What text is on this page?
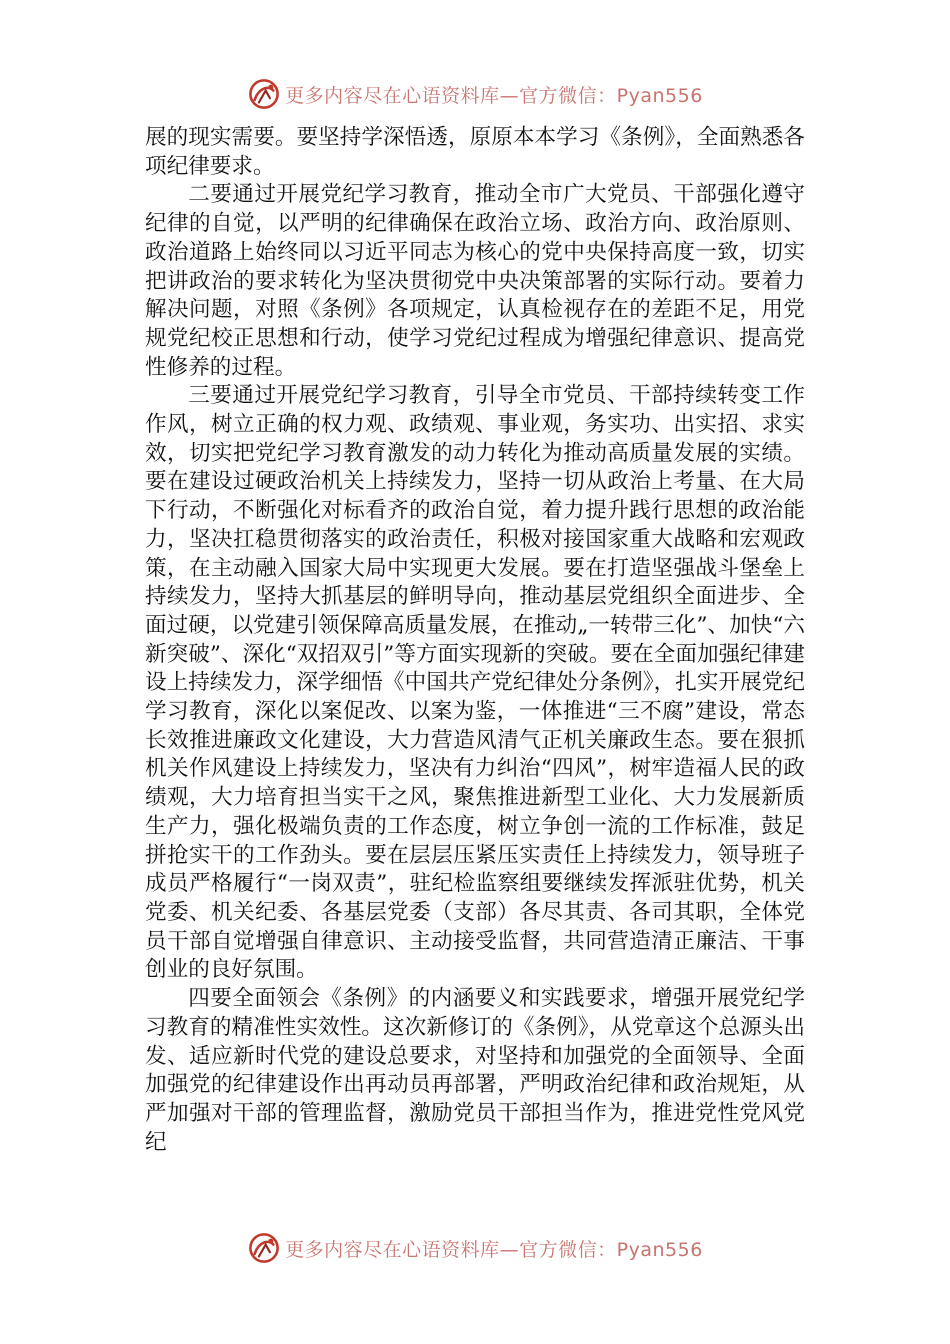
更多内容尽在心语资料库—官方微信：Pyan556

展的现实需要。要坚持学深悟透，原原本本学习《条例》，全面熟悉各项纪律要求。

二要通过开展党纪学习教育，推动全市广大党员、干部强化遵守纪律的自觉，以严明的纪律确保在政治立场、政治方向、政治原则、政治道路上始终同以习近平同志为核心的党中央保持高度一致，切实把讲政治的要求转化为坚决贯彻党中央决策部署的实际行动。要着力解决问题，对照《条例》各项规定，认真检视存在的差距不足，用党规党纪校正思想和行动，使学习党纪过程成为增强纪律意识、提高党性修养的过程。

三要通过开展党纪学习教育，引导全市党员、干部持续转变工作作风，树立正确的权力观、政绩观、事业观，务实功、出实招、求实效，切实把党纪学习教育激发的动力转化为推动高质量发展的实绩。要在建设过硬政治机关上持续发力，坚持一切从政治上考量、在大局下行动，不断强化对标看齐的政治自觉，着力提升践行思想的政治能力，坚决扛稳贯彻落实的政治责任，积极对接国家重大战略和宏观政策，在主动融入国家大局中实现更大发展。要在打造坚强战斗堡垒上持续发力，坚持大抓基层的鲜明导向，推动基层党组织全面进步、全面过硬，以党建引领保障高质量发展，在推动„一转带三化”、加快“六新突破”、深化“双招双引”等方面实现新的突破。要在全面加强纪律建设上持续发力，深学细悟《中国共产党纪律处分条例》，扎实开展党纪学习教育，深化以案促改、以案为鉴，一体推进“三不腐”建设，常态长效推进廉政文化建设，大力营造风清气正机关廉政生态。要在狠抓机关作风建设上持续发力，坚决有力纠治“四风”，树牢造福人民的政绩观，大力培育担当实干之风，聚焦推进新型工业化、大力发展新质生产力，强化极端负责的工作态度，树立争创一流的工作标准，鼓足拼抢实干的工作劲头。要在层层压紧压实责任上持续发力，领导班子成员严格履行“一岗双责”，驻纪检监察组要继续发挥派驻优势，机关党委、机关纪委、各基层党委（支部）各尽其责、各司其职，全体党员干部自觉增强自律意识、主动接受监督，共同营造清正廉洁、干事创业的良好氛围。

四要全面领会《条例》的内涵要义和实践要求，增强开展党纪学习教育的精准性实效性。这次新修订的《条例》，从党章这个总源头出发、适应新时代党的建设总要求，对坚持和加强党的全面领导、全面加强党的纪律建设作出再动员再部署，严明政治纪律和政治规矩，从严加强对干部的管理监督，激励党员干部担当作为，推进党性党风党纪

更多内容尽在心语资料库—官方微信：Pyan556
